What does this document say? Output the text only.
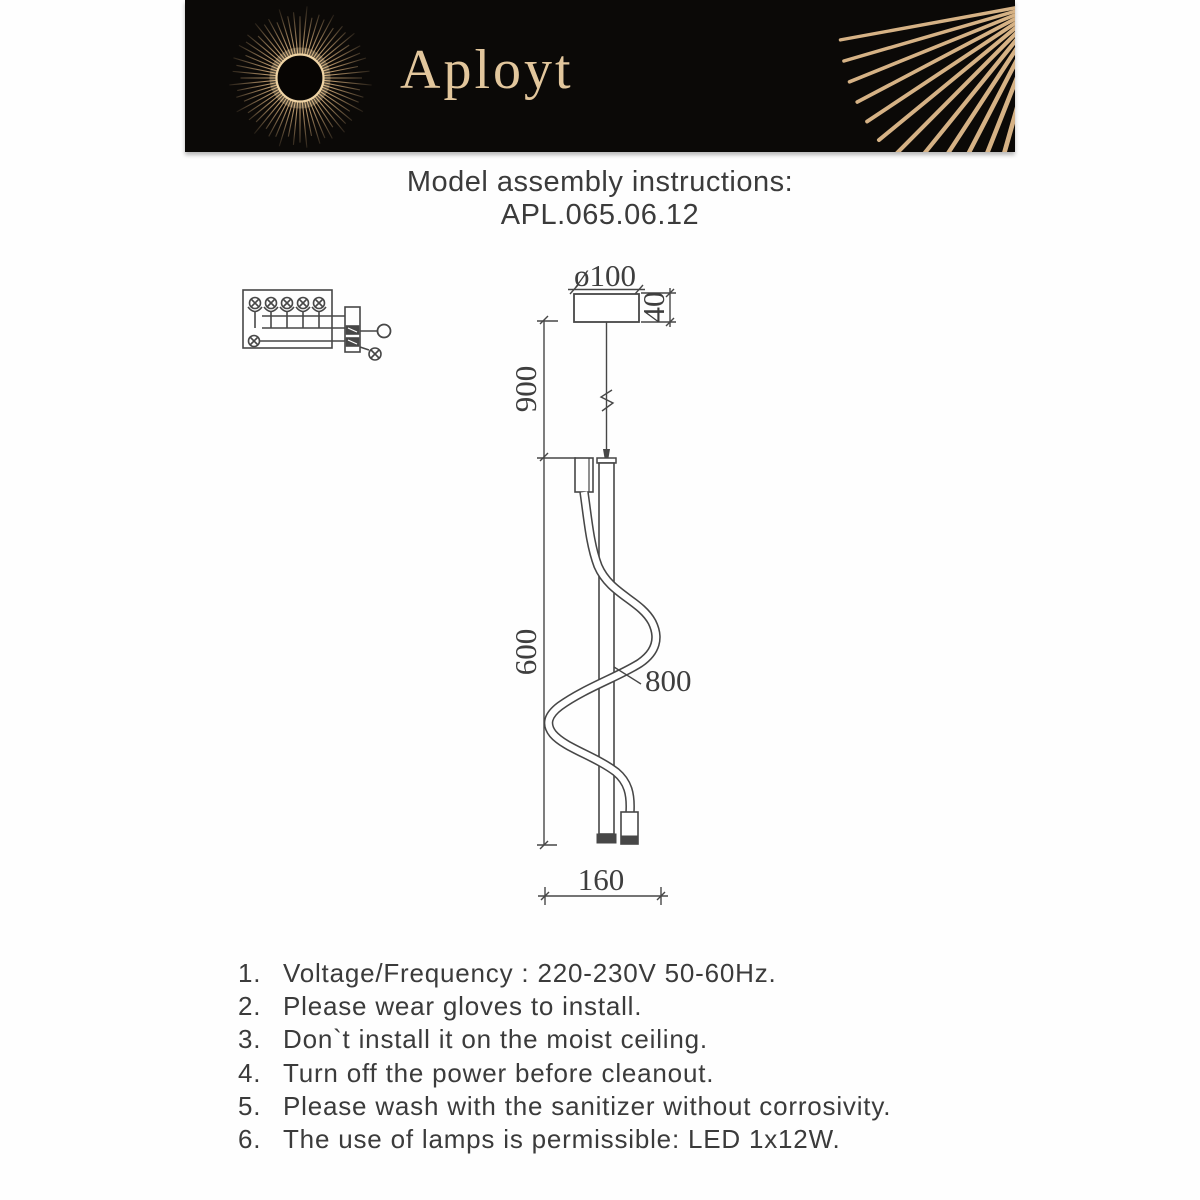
Aployt
Model assembly instructions:
APL.065.06.12
ø100
40
900
600
800
160
1. Voltage/Frequency : 220-230V 50-60Hz.
2. Please wear gloves to install.
3. Don`t install it on the moist ceiling.
4. Turn off the power before cleanout.
5. Please wash with the sanitizer without corrosivity.
6. The use of lamps is permissible: LED 1x12W.
